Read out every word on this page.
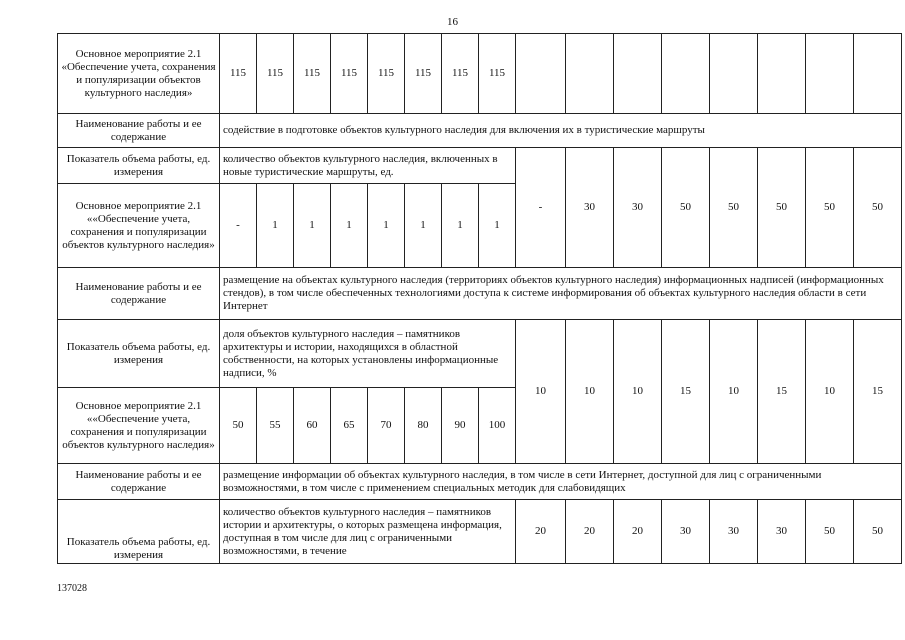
16
Основное мероприятие 2.1 «Обеспечение учета, сохранения и популяризации объектов культурного наследия»	115	115	115	115	115	115	115	115								
Наименование работы и ее содержание	содействие в подготовке объектов культурного наследия для включения их в туристические маршруты															
Показатель объема работы, ед. измерения	количество объектов культурного наследия, включенных в новые туристические маршруты, ед.								-	30	30	50	50	50	50	50
Основное мероприятие 2.1 ««Обеспечение учета, сохранения и популяризации объектов культурного наследия»	-	1	1	1	1	1	1	1								
Наименование работы и ее содержание	размещение на объектах культурного наследия (территориях объектов культурного наследия) информационных надписей (информационных стендов), в том числе обеспеченных технологиями доступа к системе информирования об объектах культурного наследия области в сети Интернет															
Показатель объема работы, ед. измерения	доля объектов культурного наследия – памятников архитектуры и истории, находящихся в областной собственности, на которых установлены информационные надписи, %								10	10	10	15	10	15	10	15
Основное мероприятие 2.1 ««Обеспечение учета, сохранения и популяризации объектов культурного наследия»	50	55	60	65	70	80	90	100								
Наименование работы и ее содержание	размещение информации об объектах культурного наследия, в том числе в сети Интернет, доступной для лиц с ограниченными возможностями, в том числе с применением специальных методик для слабовидящих															
Показатель объема работы, ед. измерения	количество объектов культурного наследия – памятников истории и архитектуры, о которых размещена информация, доступная в том числе для лиц с ограниченными возможностями, в течение								20	20	20	30	30	30	50	50
137028
